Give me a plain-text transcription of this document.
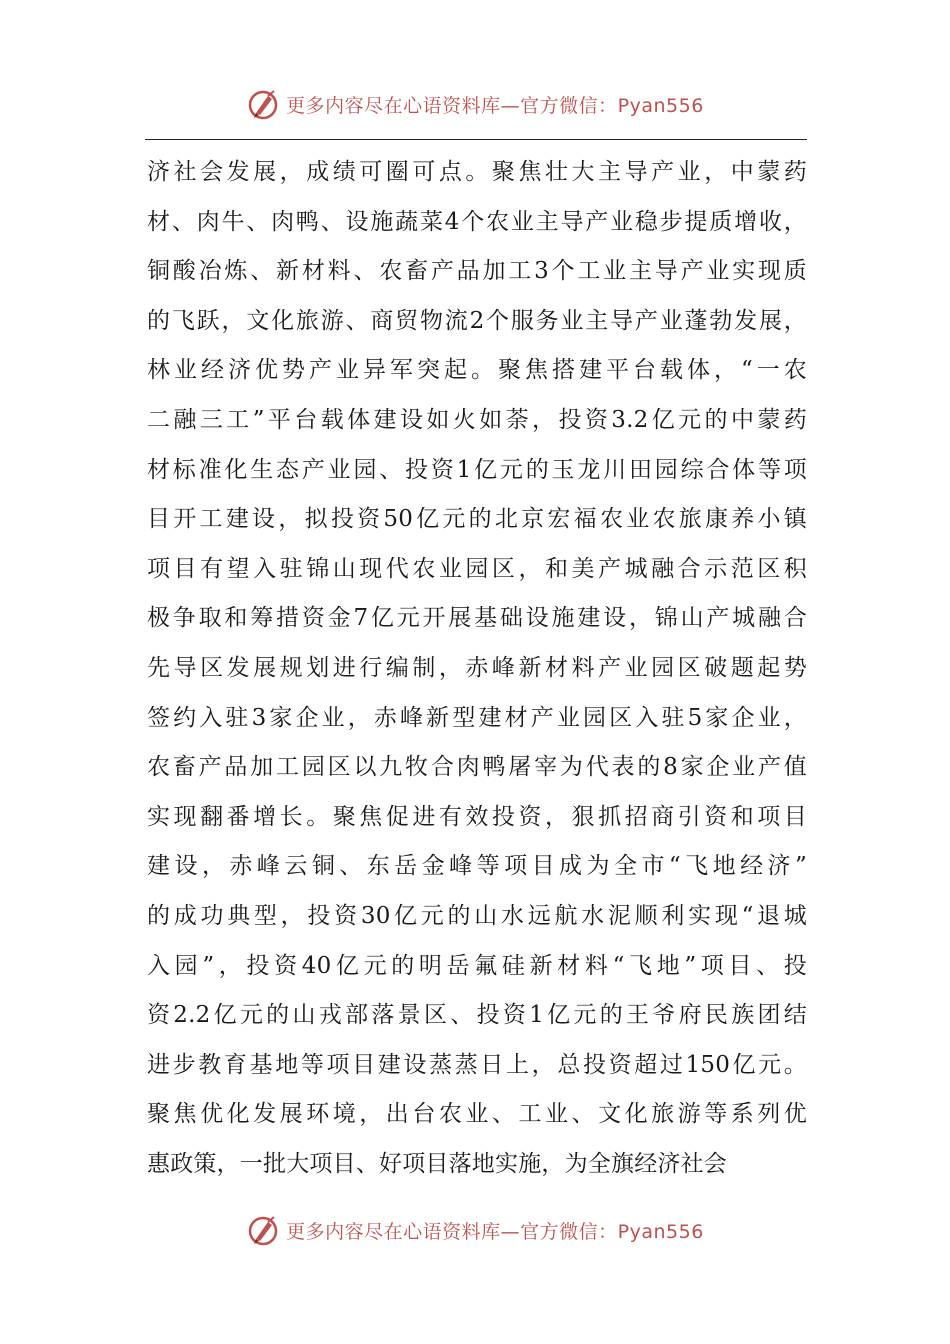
更多内容尽在心语资料库—官方微信：Pyan556
济社会发展，成绩可圈可点。聚焦壮大主导产业，中蒙药
材、肉牛、肉鸭、设施蔬菜4个农业主导产业稳步提质增收，
铜酸冶炼、新材料、农畜产品加工3个工业主导产业实现质
的飞跃，文化旅游、商贸物流2个服务业主导产业蓬勃发展，
林业经济优势产业异军突起。聚焦搭建平台载体，“一农
二融三工”平台载体建设如火如荼，投资3.2亿元的中蒙药
材标准化生态产业园、投资1亿元的玉龙川田园综合体等项
目开工建设，拟投资50亿元的北京宏福农业农旅康养小镇
项目有望入驻锦山现代农业园区，和美产城融合示范区积
极争取和筹措资金7亿元开展基础设施建设，锦山产城融合
先导区发展规划进行编制，赤峰新材料产业园区破题起势
签约入驻3家企业，赤峰新型建材产业园区入驻5家企业，
农畜产品加工园区以九牧合肉鸭屠宰为代表的8家企业产值
实现翻番增长。聚焦促进有效投资，狠抓招商引资和项目
建设，赤峰云铜、东岳金峰等项目成为全市“飞地经济”
的成功典型，投资30亿元的山水远航水泥顺利实现“退城
入园”，投资40亿元的明岳氟硅新材料“飞地”项目、投
资2.2亿元的山戎部落景区、投资1亿元的王爷府民族团结
进步教育基地等项目建设蒸蒸日上，总投资超过150亿元。
聚焦优化发展环境，出台农业、工业、文化旅游等系列优
惠政策，一批大项目、好项目落地实施，为全旗经济社会
更多内容尽在心语资料库—官方微信：Pyan556
